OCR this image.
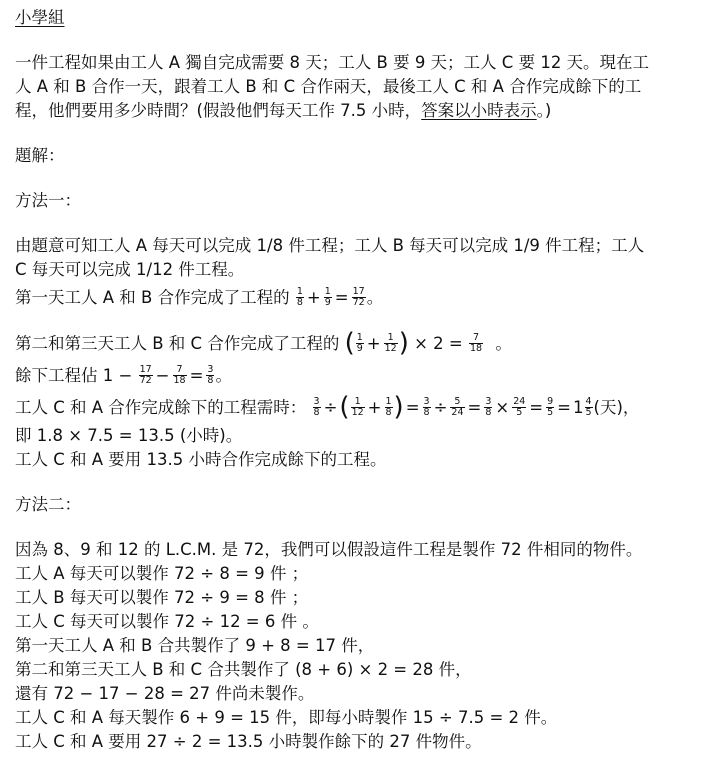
小學組
一件工程如果由工人 A 獨自完成需要 8 天；工人 B 要 9 天；工人 C 要 12 天。現在工
人 A 和 B 合作一天，跟着工人 B 和 C 合作兩天，最後工人 C 和 A 合作完成餘下的工
程，他們要用多少時間？(假設他們每天工作 7.5 小時，答案以小時表示。)
題解：
方法一：
由題意可知工人 A 每天可以完成 1/8 件工程；工人 B 每天可以完成 1/9 件工程；工人
C 每天可以完成 1/12 件工程。
第一天工人 A 和 B 合作完成了工程的 $\frac{1}{8} + \frac{1}{9} = \frac{17}{72}$ 。
第二和第三天工人 B 和 C 合作完成了工程的 ( $\frac{1}{9} + \frac{1}{12}$ ) × $2 = \frac{7}{18}$ 。
餘下工程佔 $1 - \frac{17}{72} - \frac{7}{18} = \frac{3}{8}$ 。
工人 C 和 A 合作完成餘下的工程需時： $\frac{3}{8}$ ÷( $\frac{1}{12} + \frac{1}{8}$ ) = $\frac{3}{8} \div \frac{5}{24} = \frac{3}{8} \times \frac{24}{5} = \frac{9}{5} = 1 \frac{4}{5}$ (天)，
即 1.8 × 7.5 = 13.5 (小時)。
工人 C 和 A 要用 13.5 小時合作完成餘下的工程。
方法二：
因為 8、9 和 12 的 L.C.M. 是 72，我們可以假設這件工程是製作 72 件相同的物件。
工人 A 每天可以製作 72 ÷ 8 = 9 件 ；
工人 B 每天可以製作 72 ÷ 9 = 8 件 ；
工人 C 每天可以製作 72 ÷ 12 = 6 件 。
第一天工人 A 和 B 合共製作了 9 + 8 = 17 件，
第二和第三天工人 B 和 C 合共製作了 (8 + 6) × 2 = 28 件，
還有 72 − 17 − 28 = 27 件尚未製作。
工人 C 和 A 每天製作 6 + 9 = 15 件，即每小時製作 15 ÷ 7.5 = 2 件。
工人 C 和 A 要用 27 ÷ 2 = 13.5 小時製作餘下的 27 件物件。
